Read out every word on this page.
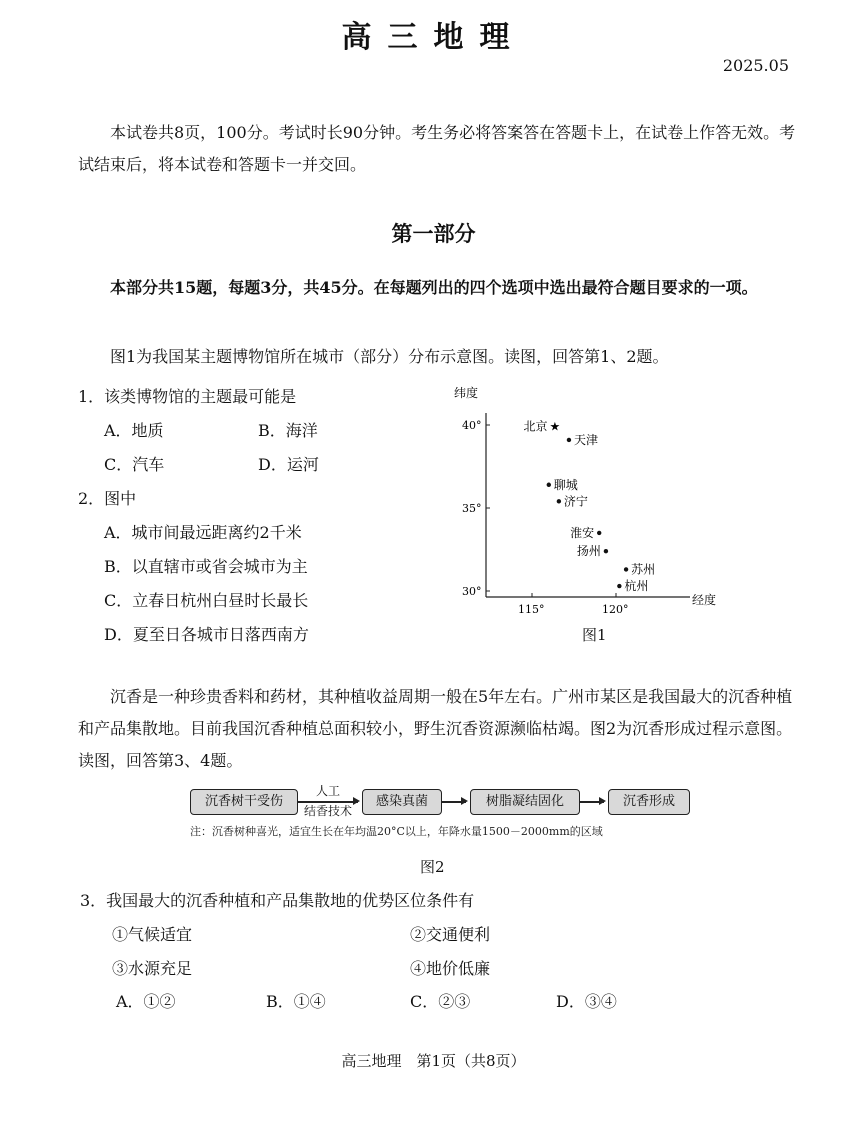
高三地理
2025.05
本试卷共8页，100分。考试时长90分钟。考生务必将答案答在答题卡上，在试卷上作答无效。考试结束后，将本试卷和答题卡一并交回。
第一部分
本部分共15题，每题3分，共45分。在每题列出的四个选项中选出最符合题目要求的一项。
图1为我国某主题博物馆所在城市（部分）分布示意图。读图，回答第1、2题。
1．该类博物馆的主题最可能是
A．地质	B．海洋
C．汽车	D．运河
2．图中
A．城市间最远距离约2千米
B．以直辖市或省会城市为主
C．立春日杭州白昼时长最长
D．夏至日各城市日落西南方
纬度
经度
40°
35°
30°
115°	120°
★
北京
天津
聊城
济宁
淮安
扬州
苏州
杭州
图1
沉香是一种珍贵香料和药材，其种植收益周期一般在5年左右。广州市某区是我国最大的沉香种植和产品集散地。目前我国沉香种植总面积较小，野生沉香资源濒临枯竭。图2为沉香形成过程示意图。读图，回答第3、4题。
沉香树干受伤
人工
结香技术
感染真菌	树脂凝结固化	沉香形成
注：沉香树种喜光，适宜生长在年均温20°C以上，年降水量1500－2000mm的区域
图2
3．我国最大的沉香种植和产品集散地的优势区位条件有
①气候适宜	②交通便利
③水源充足	④地价低廉
A．①②	B．①④	C．②③	D．③④
高三地理　第1页（共8页）
